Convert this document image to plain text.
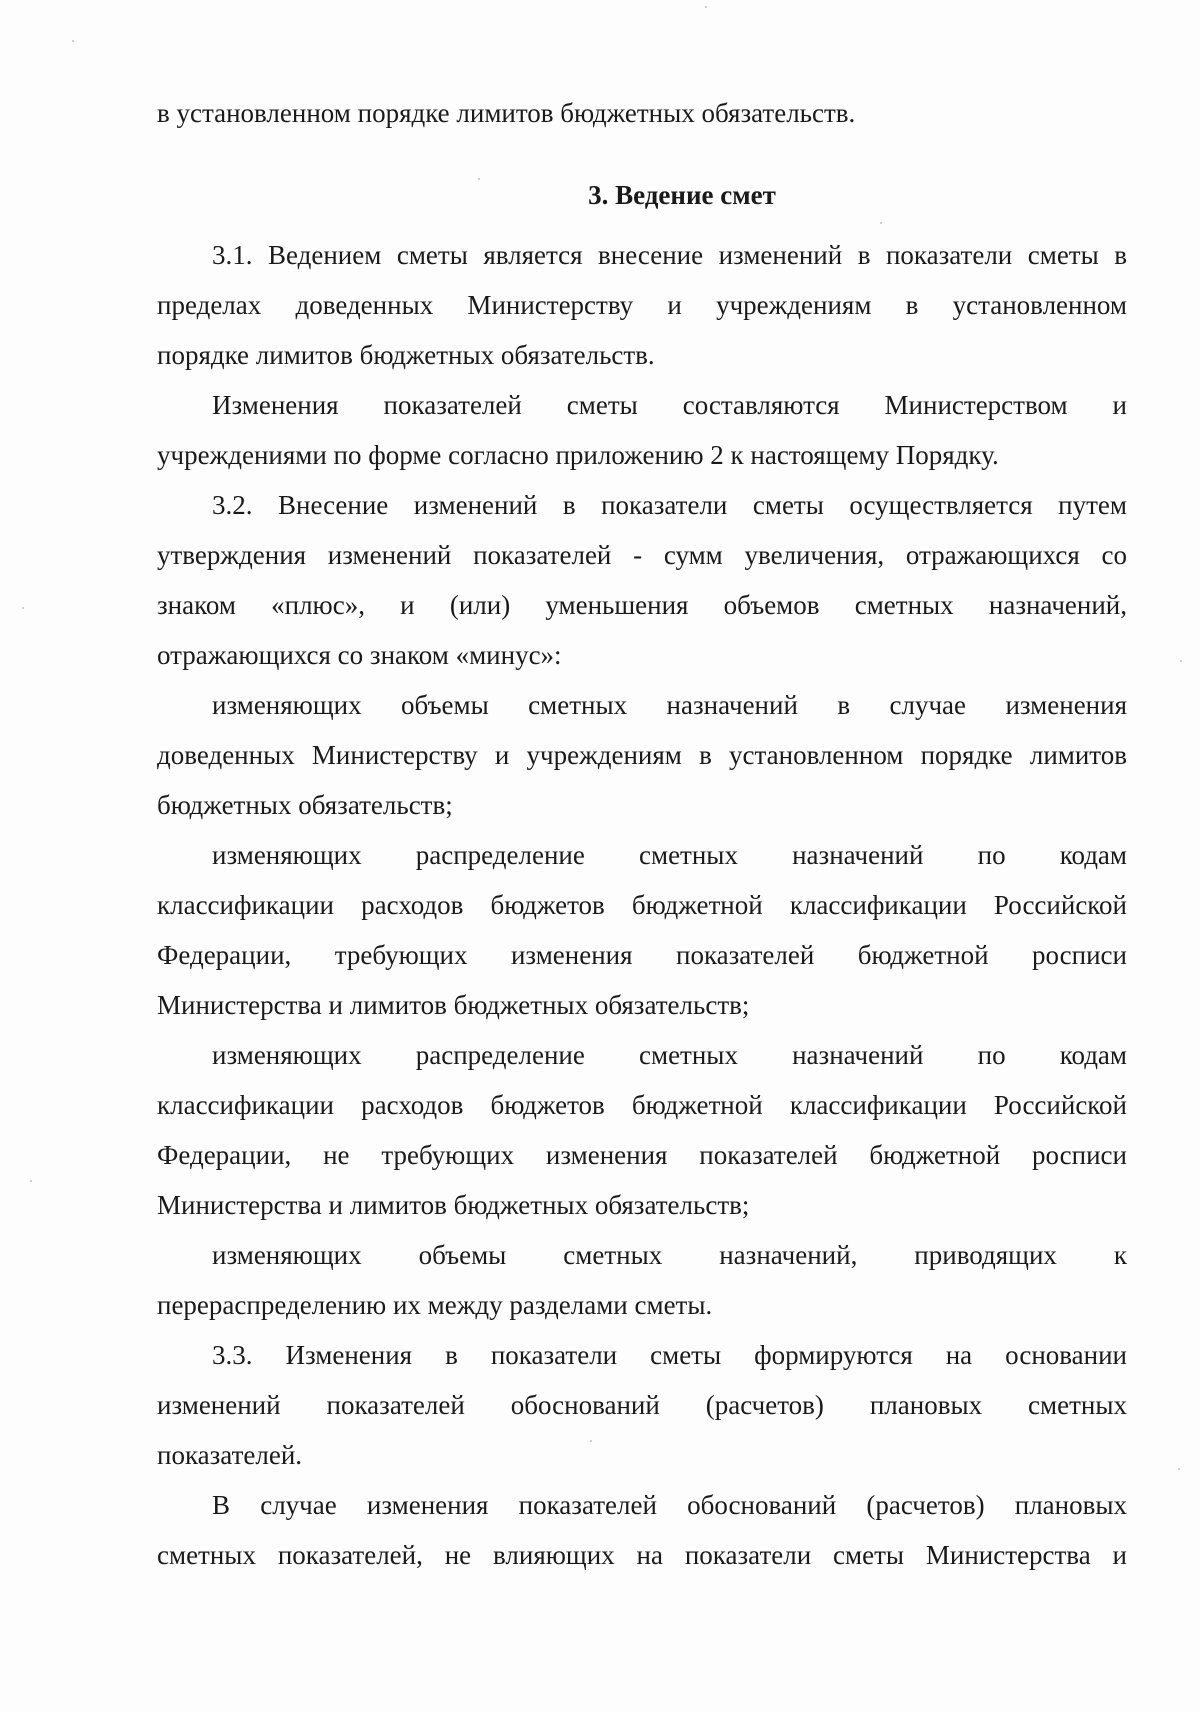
в установленном порядке лимитов бюджетных обязательств.

3. Ведение смет

3.1. Ведением сметы является внесение изменений в показатели сметы в

пределах доведенных Министерству и учреждениям в установленном

порядке лимитов бюджетных обязательств.

Изменения показателей сметы составляются Министерством и

учреждениями по форме согласно приложению 2 к настоящему Порядку.

3.2. Внесение изменений в показатели сметы осуществляется путем

утверждения изменений показателей - сумм увеличения, отражающихся со

знаком «плюс», и (или) уменьшения объемов сметных назначений,

отражающихся со знаком «минус»:

изменяющих объемы сметных назначений в случае изменения

доведенных Министерству и учреждениям в установленном порядке лимитов

бюджетных обязательств;

изменяющих распределение сметных назначений по кодам

классификации расходов бюджетов бюджетной классификации Российской

Федерации, требующих изменения показателей бюджетной росписи

Министерства и лимитов бюджетных обязательств;

изменяющих распределение сметных назначений по кодам

классификации расходов бюджетов бюджетной классификации Российской

Федерации, не требующих изменения показателей бюджетной росписи

Министерства и лимитов бюджетных обязательств;

изменяющих объемы сметных назначений, приводящих к

перераспределению их между разделами сметы.

3.3. Изменения в показатели сметы формируются на основании

изменений показателей обоснований (расчетов) плановых сметных

показателей.

В случае изменения показателей обоснований (расчетов) плановых

сметных показателей, не влияющих на показатели сметы Министерства и
